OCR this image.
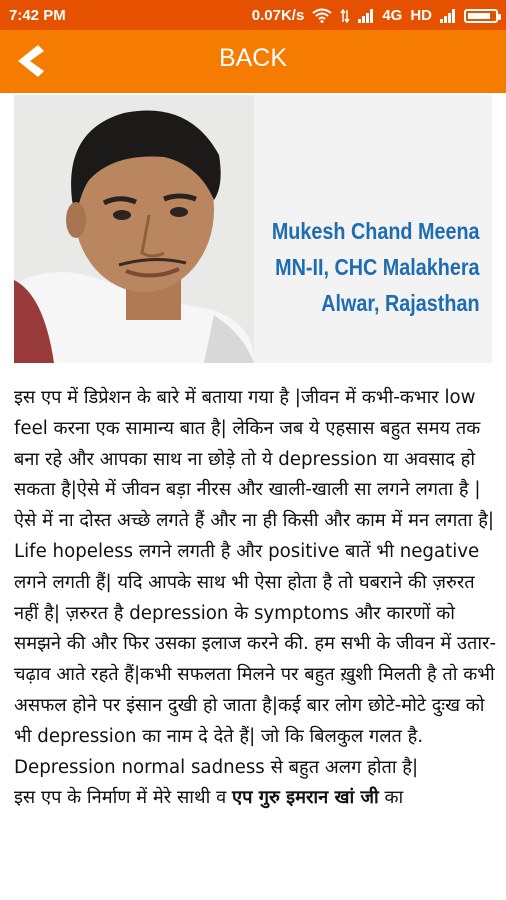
7:42 PM	0.07K/s	4G HD
BACK
Mukesh Chand Meena
MN-II, CHC Malakhera
Alwar, Rajasthan

इस एप में डिप्रेशन के बारे में बताया गया है |जीवन में कभी-कभार low feel करना एक सामान्य बात है| लेकिन जब ये एहसास बहुत समय तक बना रहे और आपका साथ ना छोड़े तो ये depression या अवसाद हो सकता है|ऐसे में जीवन बड़ा नीरस और खाली-खाली सा लगने लगता है |ऐसे में ना दोस्त अच्छे लगते हैं और ना ही किसी और काम में मन लगता है| Life hopeless लगने लगती है और positive बातें भी negative लगने लगती हैं| यदि आपके साथ भी ऐसा होता है तो घबराने की ज़रुरत नहीं है| ज़रुरत है depression के symptoms और कारणों को समझने की और फिर उसका इलाज करने की. हम सभी के जीवन में उतार-चढ़ाव आते रहते हैं|कभी सफलता मिलने पर बहुत ख़ुशी मिलती है तो कभी असफल होने पर इंसान दुखी हो जाता है|कई बार लोग छोटे-मोटे दुःख को भी depression का नाम दे देते हैं| जो कि बिलकुल गलत है. Depression normal sadness से बहुत अलग होता है|

इस एप के निर्माण में मेरे साथी व एप गुरु इमरान खां जी का
